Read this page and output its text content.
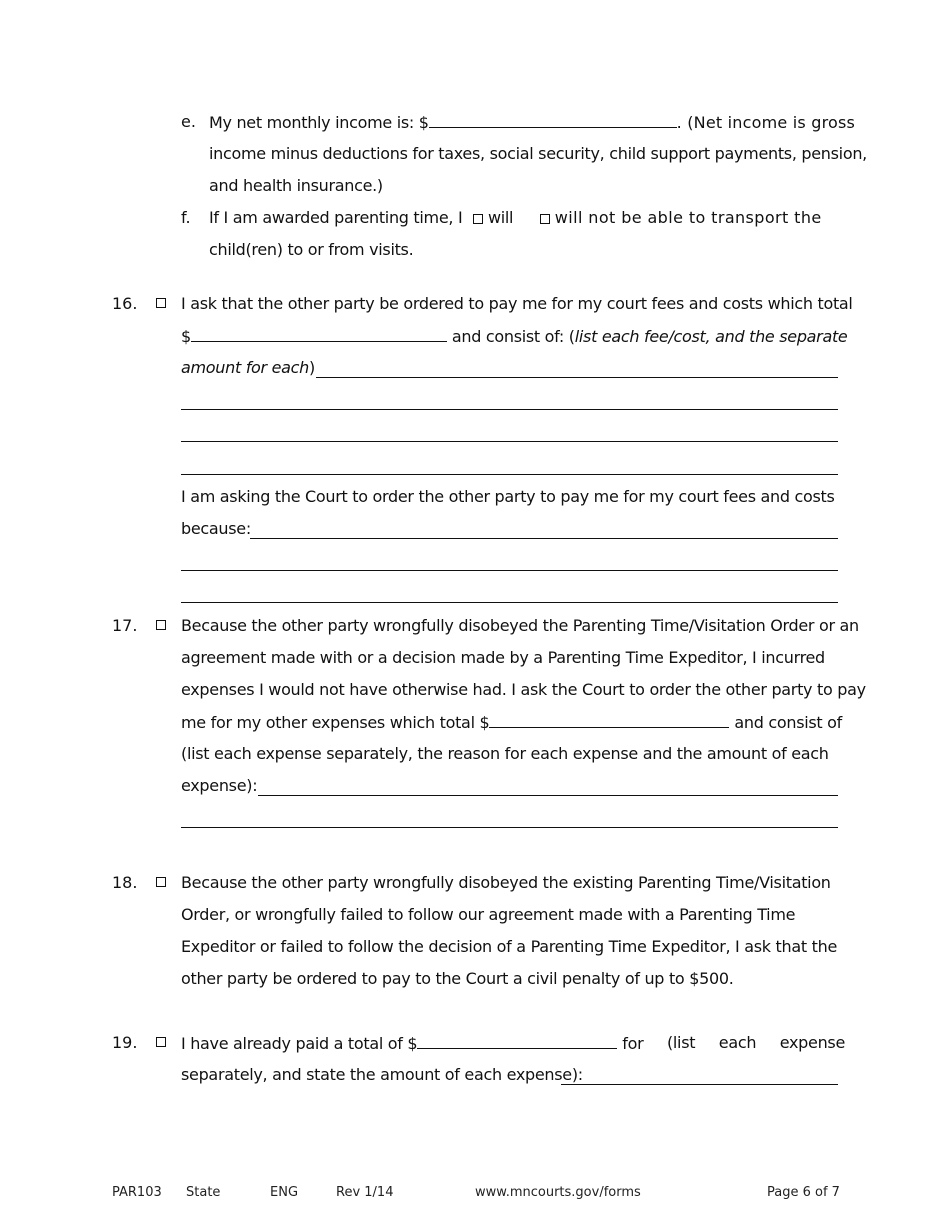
e. My net monthly income is: $	. (Net income is gross
income minus deductions for taxes, social security, child support payments, pension,
and health insurance.)
f. If I am awarded parenting time, I will	will not be able to transport the
child(ren) to or from visits.
16.	I ask that the other party be ordered to pay me for my court fees and costs which total
$	and consist of: (list each fee/cost, and the separate
amount for each)
I am asking the Court to order the other party to pay me for my court fees and costs
because:
17.	Because the other party wrongfully disobeyed the Parenting Time/Visitation Order or an
agreement made with or a decision made by a Parenting Time Expeditor, I incurred
expenses I would not have otherwise had. I ask the Court to order the other party to pay
me for my other expenses which total $	and consist of
(list each expense separately, the reason for each expense and the amount of each
expense):
18.	Because the other party wrongfully disobeyed the existing Parenting Time/Visitation
Order, or wrongfully failed to follow our agreement made with a Parenting Time
Expeditor or failed to follow the decision of a Parenting Time Expeditor, I ask that the
other party be ordered to pay to the Court a civil penalty of up to $500.
19.	I have already paid a total of $	for (list each expense
separately, and state the amount of each expense):
PAR103 State	ENG	Rev 1/14	www.mncourts.gov/forms	Page 6 of 7
